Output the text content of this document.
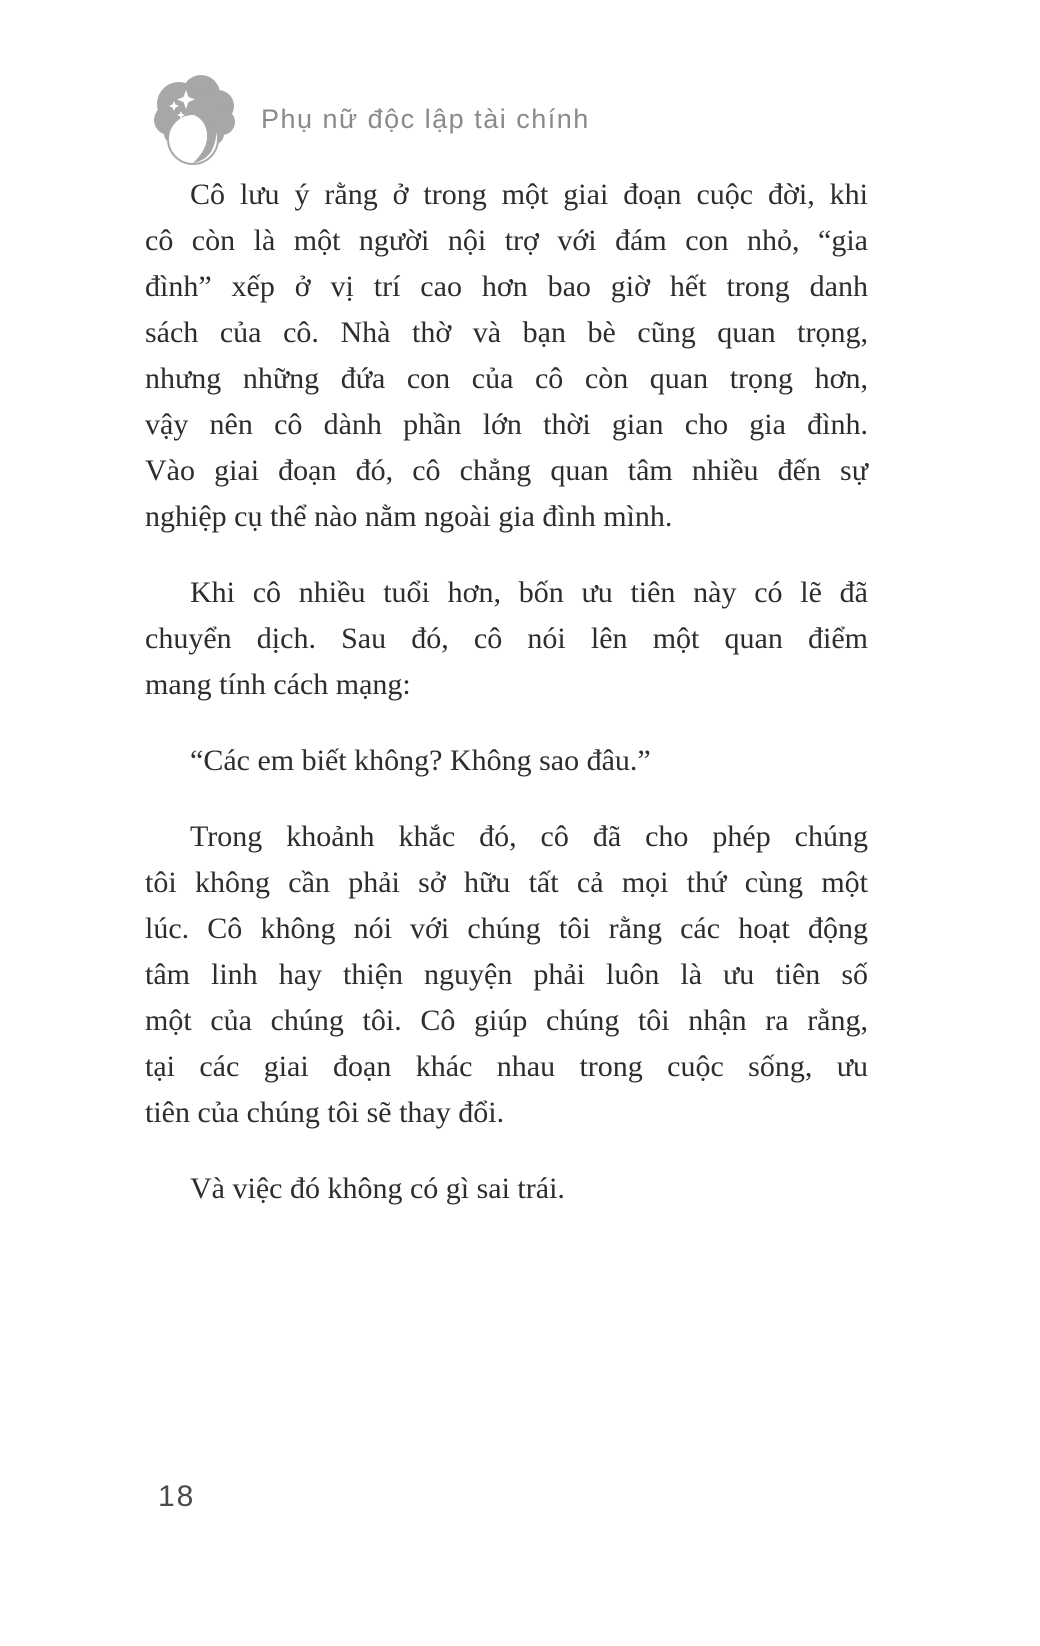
Phụ nữ độc lập tài chính

Cô lưu ý rằng ở trong một giai đoạn cuộc đời, khi
cô còn là một người nội trợ với đám con nhỏ, “gia
đình” xếp ở vị trí cao hơn bao giờ hết trong danh
sách của cô. Nhà thờ và bạn bè cũng quan trọng,
nhưng những đứa con của cô còn quan trọng hơn,
vậy nên cô dành phần lớn thời gian cho gia đình.
Vào giai đoạn đó, cô chẳng quan tâm nhiều đến sự
nghiệp cụ thể nào nằm ngoài gia đình mình.

Khi cô nhiều tuổi hơn, bốn ưu tiên này có lẽ đã
chuyển dịch. Sau đó, cô nói lên một quan điểm
mang tính cách mạng:

“Các em biết không? Không sao đâu.”

Trong khoảnh khắc đó, cô đã cho phép chúng
tôi không cần phải sở hữu tất cả mọi thứ cùng một
lúc. Cô không nói với chúng tôi rằng các hoạt động
tâm linh hay thiện nguyện phải luôn là ưu tiên số
một của chúng tôi. Cô giúp chúng tôi nhận ra rằng,
tại các giai đoạn khác nhau trong cuộc sống, ưu
tiên của chúng tôi sẽ thay đổi.

Và việc đó không có gì sai trái.

18
